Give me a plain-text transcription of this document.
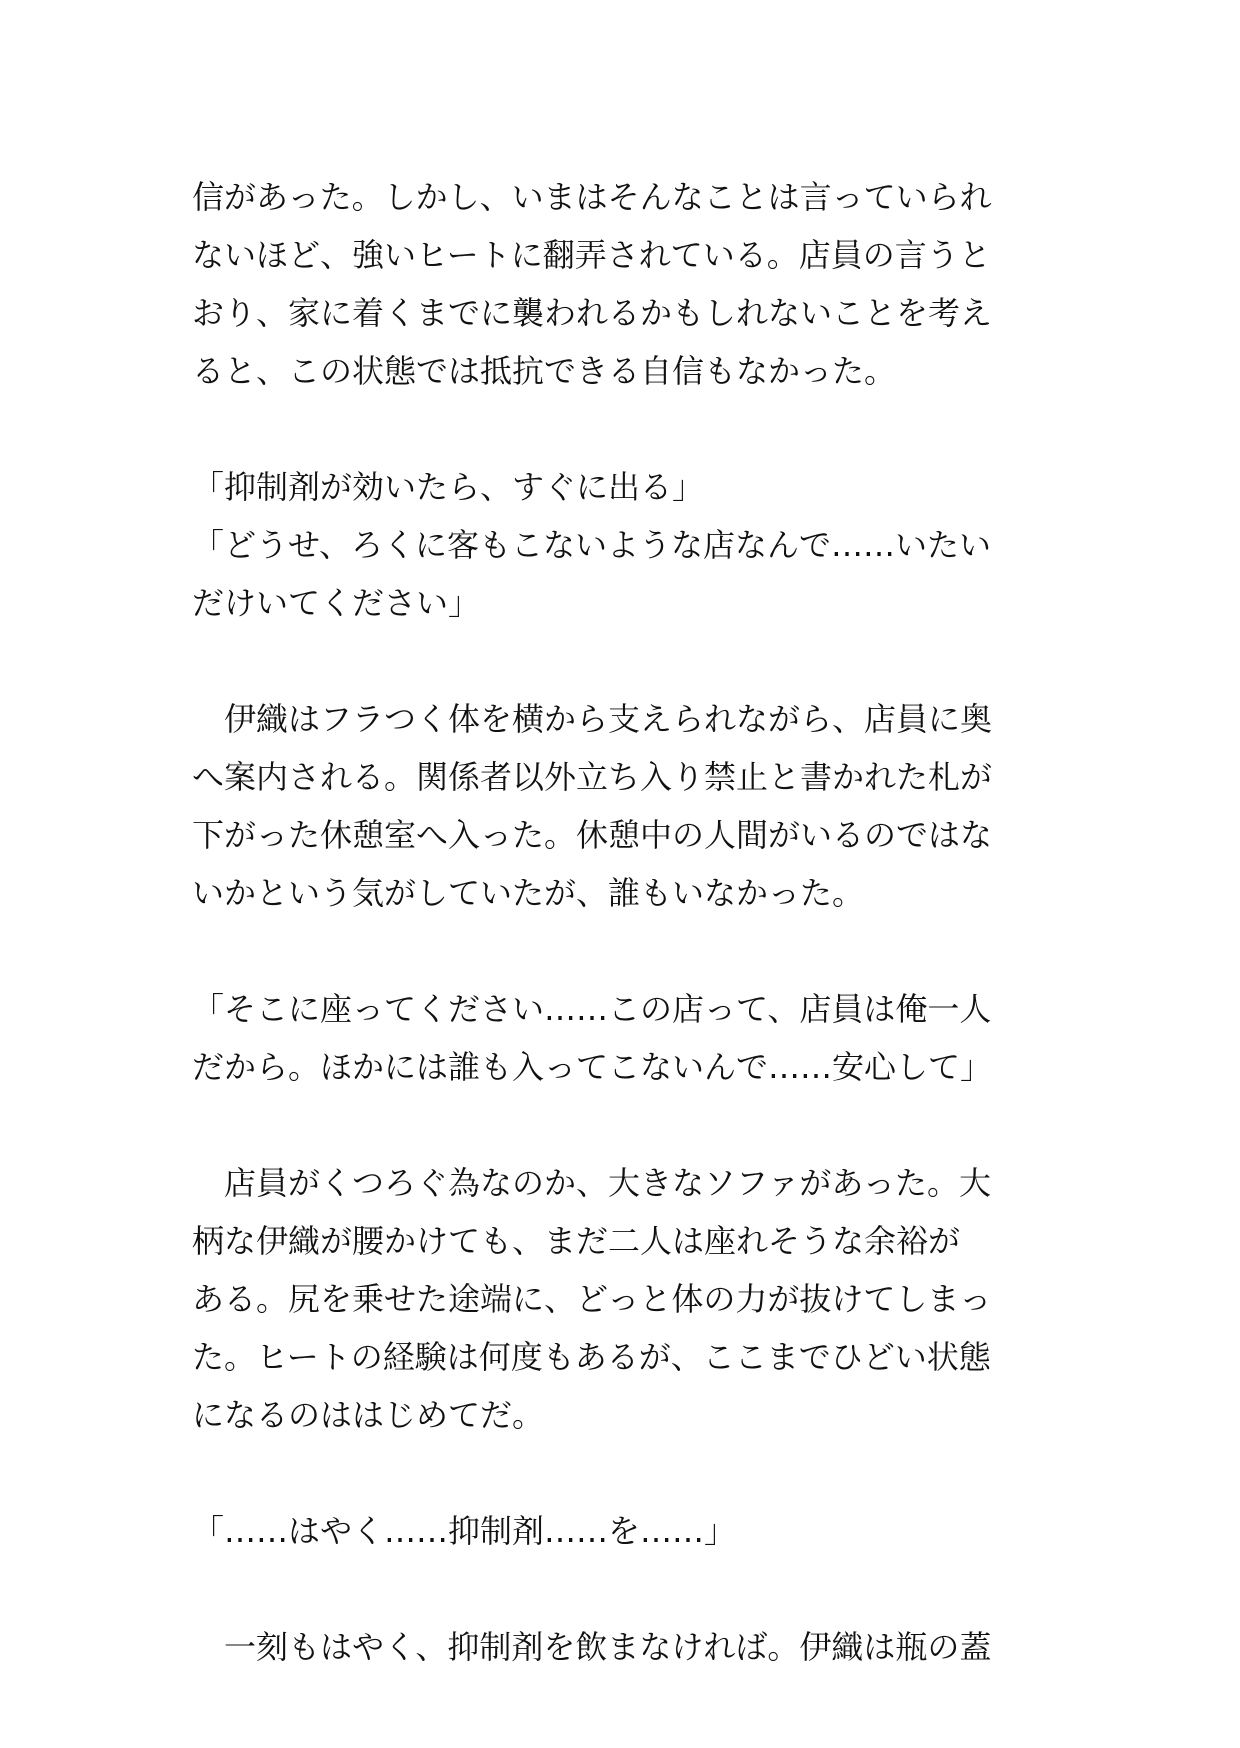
信があった。しかし、いまはそんなことは言っていられ
ないほど、強いヒートに翻弄されている。店員の言うと
おり、家に着くまでに襲われるかもしれないことを考え
ると、この状態では抵抗できる自信もなかった。
「抑制剤が効いたら、すぐに出る」
「どうせ、ろくに客もこないような店なんで……いたい
だけいてください」
　伊織はフラつく体を横から支えられながら、店員に奥
へ案内される。関係者以外立ち入り禁止と書かれた札が
下がった休憩室へ入った。休憩中の人間がいるのではな
いかという気がしていたが、誰もいなかった。
「そこに座ってください……この店って、店員は俺一人
だから。ほかには誰も入ってこないんで……安心して」
　店員がくつろぐ為なのか、大きなソファがあった。大
柄な伊織が腰かけても、まだ二人は座れそうな余裕が
ある。尻を乗せた途端に、どっと体の力が抜けてしまっ
た。ヒートの経験は何度もあるが、ここまでひどい状態
になるのははじめてだ。
「……はやく……抑制剤……を……」
　一刻もはやく、抑制剤を飲まなければ。伊織は瓶の蓋
